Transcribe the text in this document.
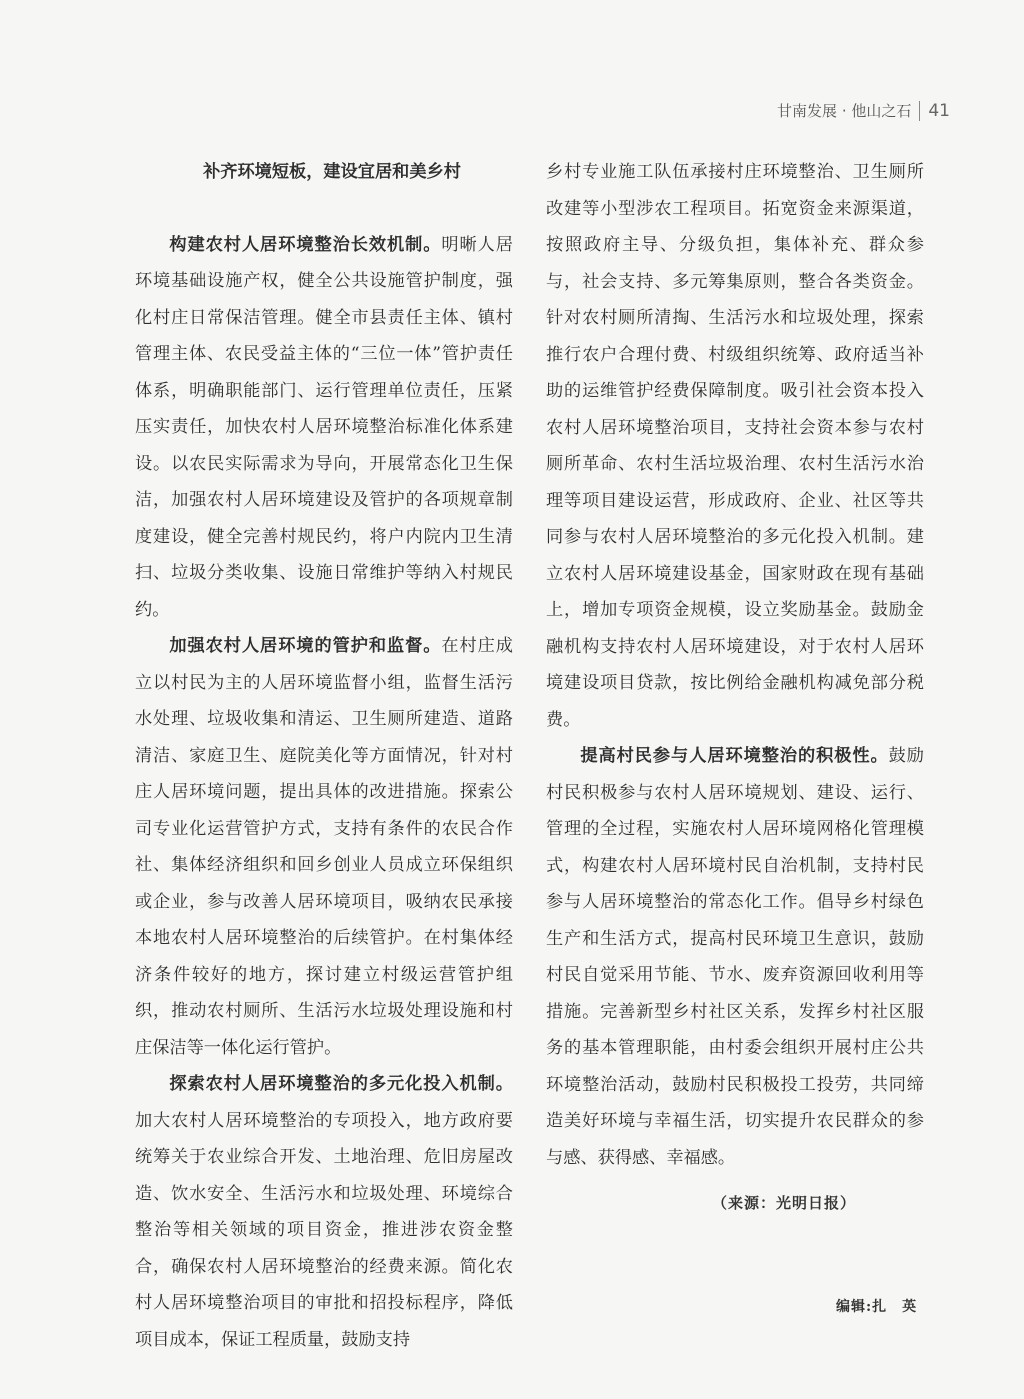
甘南发展 · 他山之石 41
补齐环境短板，建设宜居和美乡村

构建农村人居环境整治长效机制。明晰人居环境基础设施产权，健全公共设施管护制度，强化村庄日常保洁管理。健全市县责任主体、镇村管理主体、农民受益主体的“三位一体”管护责任体系，明确职能部门、运行管理单位责任，压紧压实责任，加快农村人居环境整治标准化体系建设。以农民实际需求为导向，开展常态化卫生保洁，加强农村人居环境建设及管护的各项规章制度建设，健全完善村规民约，将户内院内卫生清扫、垃圾分类收集、设施日常维护等纳入村规民约。

加强农村人居环境的管护和监督。在村庄成立以村民为主的人居环境监督小组，监督生活污水处理、垃圾收集和清运、卫生厕所建造、道路清洁、家庭卫生、庭院美化等方面情况，针对村庄人居环境问题，提出具体的改进措施。探索公司专业化运营管护方式，支持有条件的农民合作社、集体经济组织和回乡创业人员成立环保组织或企业，参与改善人居环境项目，吸纳农民承接本地农村人居环境整治的后续管护。在村集体经济条件较好的地方，探讨建立村级运营管护组织，推动农村厕所、生活污水垃圾处理设施和村庄保洁等一体化运行管护。

探索农村人居环境整治的多元化投入机制。加大农村人居环境整治的专项投入，地方政府要统筹关于农业综合开发、土地治理、危旧房屋改造、饮水安全、生活污水和垃圾处理、环境综合整治等相关领域的项目资金，推进涉农资金整合，确保农村人居环境整治的经费来源。简化农村人居环境整治项目的审批和招投标程序，降低项目成本，保证工程质量，鼓励支持

乡村专业施工队伍承接村庄环境整治、卫生厕所改建等小型涉农工程项目。拓宽资金来源渠道，按照政府主导、分级负担，集体补充、群众参与，社会支持、多元筹集原则，整合各类资金。针对农村厕所清掏、生活污水和垃圾处理，探索推行农户合理付费、村级组织统筹、政府适当补助的运维管护经费保障制度。吸引社会资本投入农村人居环境整治项目，支持社会资本参与农村厕所革命、农村生活垃圾治理、农村生活污水治理等项目建设运营，形成政府、企业、社区等共同参与农村人居环境整治的多元化投入机制。建立农村人居环境建设基金，国家财政在现有基础上，增加专项资金规模，设立奖励基金。鼓励金融机构支持农村人居环境建设，对于农村人居环境建设项目贷款，按比例给金融机构减免部分税费。

提高村民参与人居环境整治的积极性。鼓励村民积极参与农村人居环境规划、建设、运行、管理的全过程，实施农村人居环境网格化管理模式，构建农村人居环境村民自治机制，支持村民参与人居环境整治的常态化工作。倡导乡村绿色生产和生活方式，提高村民环境卫生意识，鼓励村民自觉采用节能、节水、废弃资源回收利用等措施。完善新型乡村社区关系，发挥乡村社区服务的基本管理职能，由村委会组织开展村庄公共环境整治活动，鼓励村民积极投工投劳，共同缔造美好环境与幸福生活，切实提升农民群众的参与感、获得感、幸福感。

（来源：光明日报）
编辑:扎　英
